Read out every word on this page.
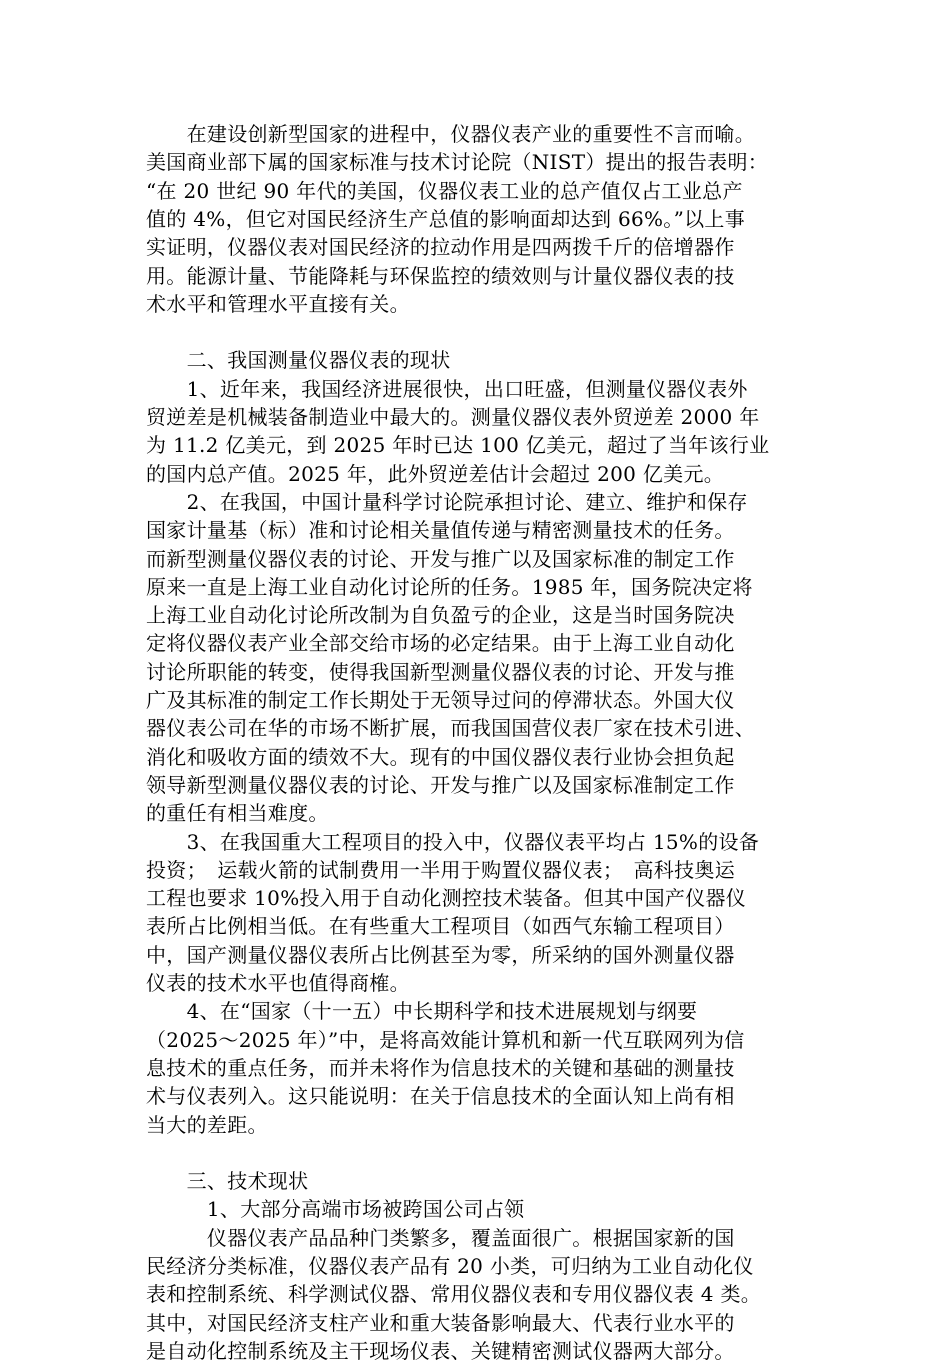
　　在建设创新型国家的进程中，仪器仪表产业的重要性不言而喻。
美国商业部下属的国家标准与技术讨论院（NIST）提出的报告表明：
“在 20 世纪 90 年代的美国，仪器仪表工业的总产值仅占工业总产
值的 4%，但它对国民经济生产总值的影响面却达到 66%。”以上事
实证明，仪器仪表对国民经济的拉动作用是四两拨千斤的倍增器作
用。能源计量、节能降耗与环保监控的绩效则与计量仪器仪表的技
术水平和管理水平直接有关。
　　二、我国测量仪器仪表的现状
　　1、近年来，我国经济进展很快，出口旺盛，但测量仪器仪表外
贸逆差是机械装备制造业中最大的。测量仪器仪表外贸逆差 2000 年
为 11.2 亿美元，到 2025 年时已达 100 亿美元，超过了当年该行业
的国内总产值。2025 年，此外贸逆差估计会超过 200 亿美元。
　　2、在我国，中国计量科学讨论院承担讨论、建立、维护和保存
国家计量基（标）准和讨论相关量值传递与精密测量技术的任务。
而新型测量仪器仪表的讨论、开发与推广以及国家标准的制定工作
原来一直是上海工业自动化讨论所的任务。1985 年，国务院决定将
上海工业自动化讨论所改制为自负盈亏的企业，这是当时国务院决
定将仪器仪表产业全部交给市场的必定结果。由于上海工业自动化
讨论所职能的转变，使得我国新型测量仪器仪表的讨论、开发与推
广及其标准的制定工作长期处于无领导过问的停滞状态。外国大仪
器仪表公司在华的市场不断扩展，而我国国营仪表厂家在技术引进、
消化和吸收方面的绩效不大。现有的中国仪器仪表行业协会担负起
领导新型测量仪器仪表的讨论、开发与推广以及国家标准制定工作
的重任有相当难度。
　　3、在我国重大工程项目的投入中，仪器仪表平均占 15%的设备
投资；　运载火箭的试制费用一半用于购置仪器仪表；　高科技奥运
工程也要求 10%投入用于自动化测控技术装备。但其中国产仪器仪
表所占比例相当低。在有些重大工程项目（如西气东输工程项目）
中，国产测量仪器仪表所占比例甚至为零，所采纳的国外测量仪器
仪表的技术水平也值得商榷。
　　4、在“国家（十一五）中长期科学和技术进展规划与纲要
（2025～2025 年）”中，是将高效能计算机和新一代互联网列为信
息技术的重点任务，而并未将作为信息技术的关键和基础的测量技
术与仪表列入。这只能说明：在关于信息技术的全面认知上尚有相
当大的差距。
　　三、技术现状
　　　1、大部分高端市场被跨国公司占领
　　　仪器仪表产品品种门类繁多，覆盖面很广。根据国家新的国
民经济分类标准，仪器仪表产品有 20 小类，可归纳为工业自动化仪
表和控制系统、科学测试仪器、常用仪器仪表和专用仪器仪表 4 类。
其中，对国民经济支柱产业和重大装备影响最大、代表行业水平的
是自动化控制系统及主干现场仪表、关键精密测试仪器两大部分。
